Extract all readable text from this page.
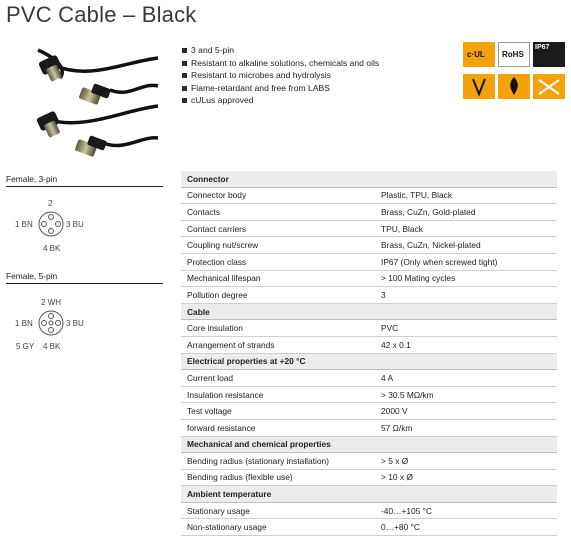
PVC Cable – Black
3 and 5-pin
Resistant to alkaline solutions, chemicals and oils
Resistant to microbes and hydrolysis
Flame-retardant and free from LABS
cULus approved
c·UL RoHS
IP67
Female, 3-pin
2
1 BN	3 BU
4 BK
Female, 5-pin
2 WH
1 BN	3 BU
5 GY 4 BK
Connector	
Connector body	Plastic, TPU, Black
Contacts	Brass, CuZn, Gold-plated
Contact carriers	TPU, Black
Coupling nut/screw	Brass, CuZn, Nickel-plated
Protection class	IP67 (Only when screwed tight)
Mechanical lifespan	> 100 Mating cycles
Pollution degree	3
Cable	
Core insulation	PVC
Arrangement of strands	42 x 0.1
Electrical properties at +20 °C	
Current load	4 A
Insulation resistance	> 30.5 MΩ/km
Test voltage	2000 V
forward resistance	57 Ω/km
Mechanical and chemical properties	
Bending radius (stationary installation)	> 5 x Ø
Bending radius (flexible use)	> 10 x Ø
Ambient temperature	
Stationary usage	-40…+105 °C
Non-stationary usage	0…+80 °C
